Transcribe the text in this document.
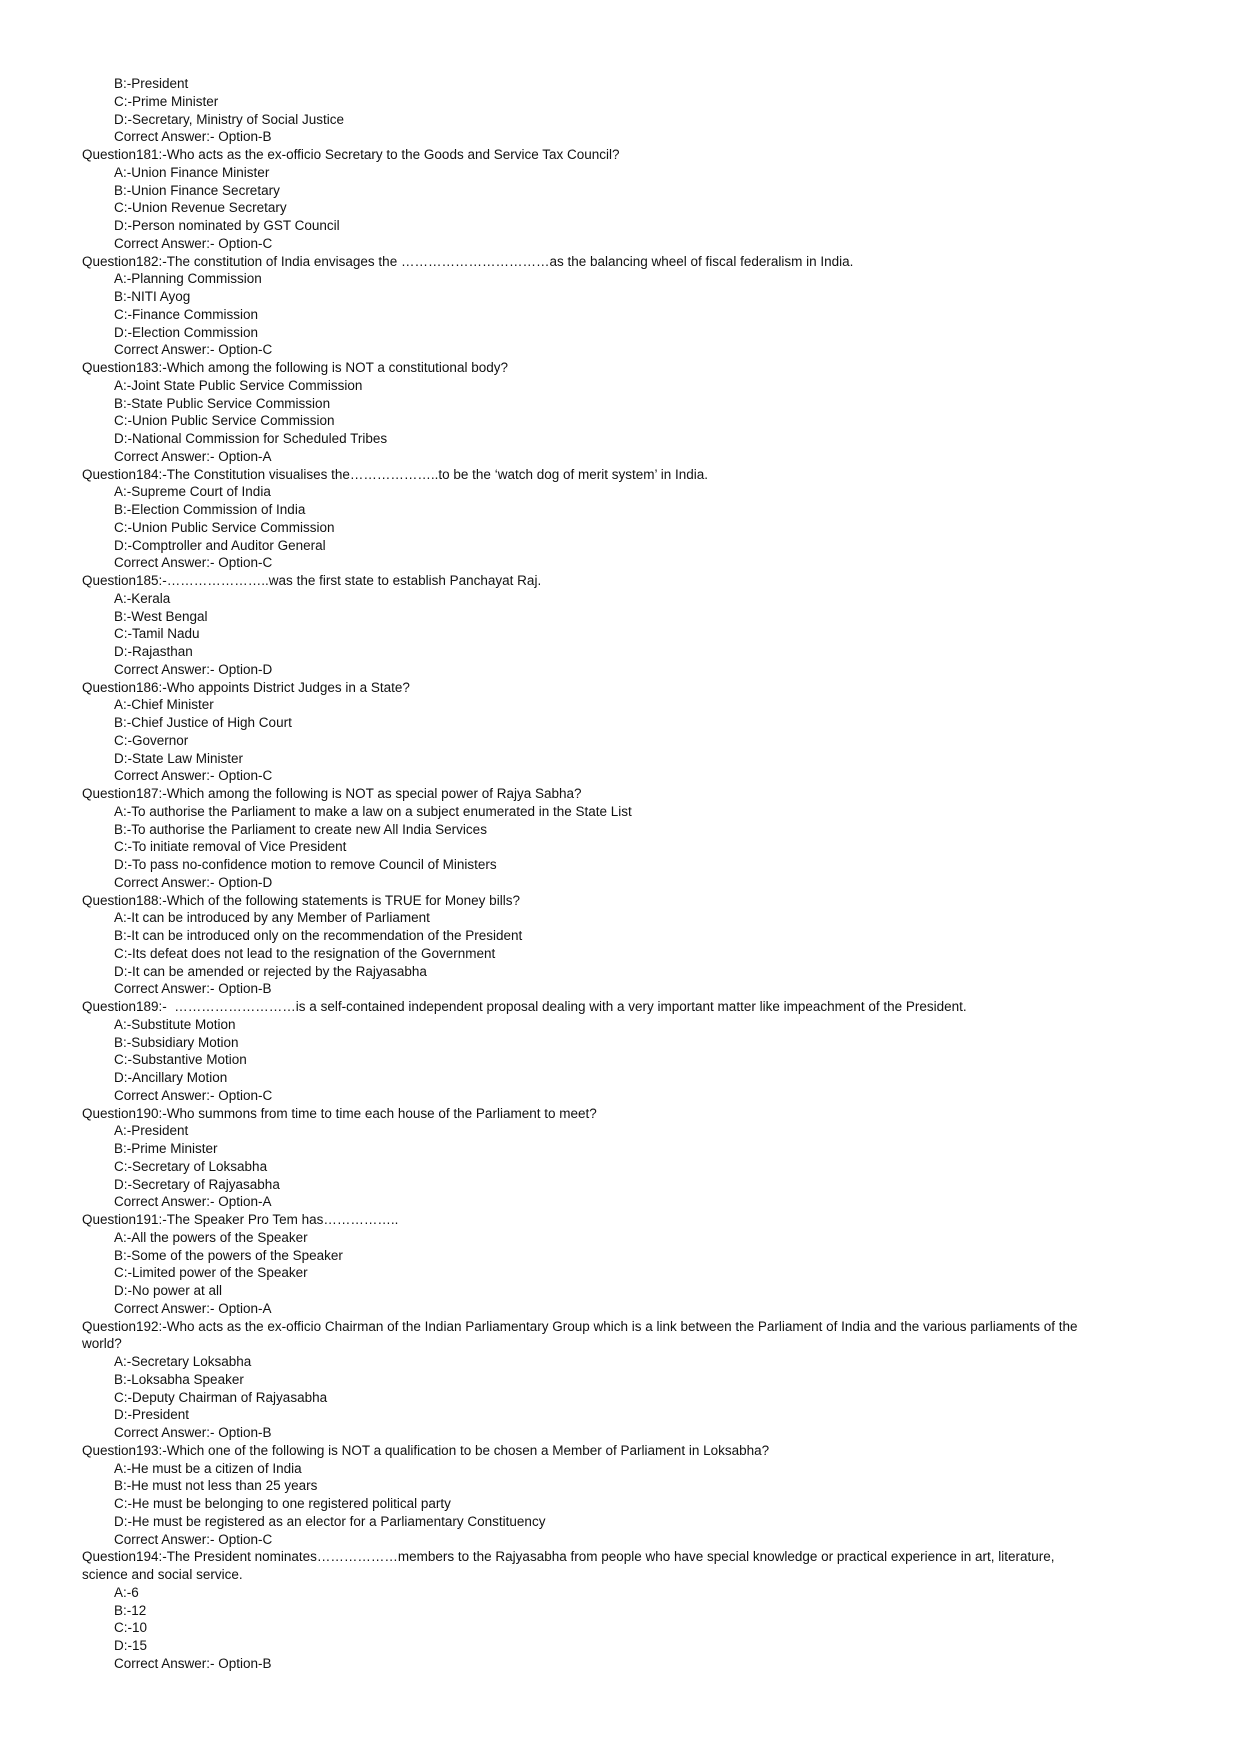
B:-President
C:-Prime Minister
D:-Secretary, Ministry of Social Justice
Correct Answer:- Option-B
Question181:-Who acts as the ex-officio Secretary to the Goods and Service Tax Council?
A:-Union Finance Minister
B:-Union Finance Secretary
C:-Union Revenue Secretary
D:-Person nominated by GST Council
Correct Answer:- Option-C
Question182:-The constitution of India envisages the ……………………………as the balancing wheel of fiscal federalism in India.
A:-Planning Commission
B:-NITI Ayog
C:-Finance Commission
D:-Election Commission
Correct Answer:- Option-C
Question183:-Which among the following is NOT a constitutional body?
A:-Joint State Public Service Commission
B:-State Public Service Commission
C:-Union Public Service Commission
D:-National Commission for Scheduled Tribes
Correct Answer:- Option-A
Question184:-The Constitution visualises the………………..to be the ‘watch dog of merit system’ in India.
A:-Supreme Court of India
B:-Election Commission of India
C:-Union Public Service Commission
D:-Comptroller and Auditor General
Correct Answer:- Option-C
Question185:-…………………..was the first state to establish Panchayat Raj.
A:-Kerala
B:-West Bengal
C:-Tamil Nadu
D:-Rajasthan
Correct Answer:- Option-D
Question186:-Who appoints District Judges in a State?
A:-Chief Minister
B:-Chief Justice of High Court
C:-Governor
D:-State Law Minister
Correct Answer:- Option-C
Question187:-Which among the following is NOT as special power of Rajya Sabha?
A:-To authorise the Parliament to make a law on a subject enumerated in the State List
B:-To authorise the Parliament to create new All India Services
C:-To initiate removal of Vice President
D:-To pass no-confidence motion to remove Council of Ministers
Correct Answer:- Option-D
Question188:-Which of the following statements is TRUE for Money bills?
A:-It can be introduced by any Member of Parliament
B:-It can be introduced only on the recommendation of the President
C:-Its defeat does not lead to the resignation of the Government
D:-It can be amended or rejected by the Rajyasabha
Correct Answer:- Option-B
Question189:-  ………………………is a self-contained independent proposal dealing with a very important matter like impeachment of the President.
A:-Substitute Motion
B:-Subsidiary Motion
C:-Substantive Motion
D:-Ancillary Motion
Correct Answer:- Option-C
Question190:-Who summons from time to time each house of the Parliament to meet?
A:-President
B:-Prime Minister
C:-Secretary of Loksabha
D:-Secretary of Rajyasabha
Correct Answer:- Option-A
Question191:-The Speaker Pro Tem has……………..
A:-All the powers of the Speaker
B:-Some of the powers of the Speaker
C:-Limited power of the Speaker
D:-No power at all
Correct Answer:- Option-A
Question192:-Who acts as the ex-officio Chairman of the Indian Parliamentary Group which is a link between the Parliament of India and the various parliaments of the world?
A:-Secretary Loksabha
B:-Loksabha Speaker
C:-Deputy Chairman of Rajyasabha
D:-President
Correct Answer:- Option-B
Question193:-Which one of the following is NOT a qualification to be chosen a Member of Parliament in Loksabha?
A:-He must be a citizen of India
B:-He must not less than 25 years
C:-He must be belonging to one registered political party
D:-He must be registered as an elector for a Parliamentary Constituency
Correct Answer:- Option-C
Question194:-The President nominates………………members to the Rajyasabha from people who have special knowledge or practical experience in art, literature, science and social service.
A:-6
B:-12
C:-10
D:-15
Correct Answer:- Option-B
